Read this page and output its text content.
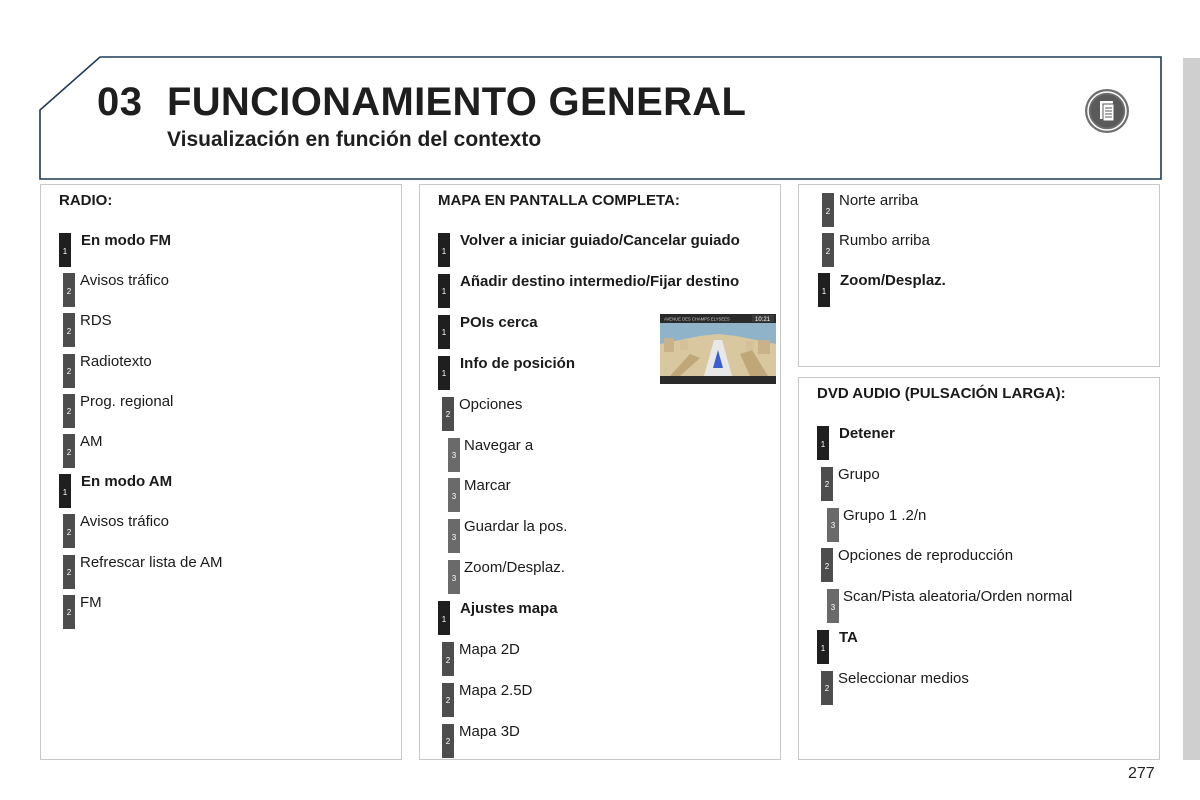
03 FUNCIONAMIENTO GENERAL
Visualización en función del contexto
RADIO:	MAPA EN PANTALLA COMPLETA:
DVD AUDIO (PULSACIÓN LARGA):
1
En modo FM
2
Avisos tráfico
2
RDS
2
Radiotexto
2
Prog. regional
2
AM
1
En modo AM
2
Avisos tráfico
2
Refrescar lista de AM
2
FM
1
Volver a iniciar guiado/Cancelar guiado
1
Añadir destino intermedio/Fijar destino
1
POIs cerca
1
Info de posición
2
Opciones
3
Navegar a
3
Marcar
3
Guardar la pos.
3
Zoom/Desplaz.
1
Ajustes mapa
2
Mapa 2D
2
Mapa 2.5D
2
Mapa 3D
2
Norte arriba
2
Rumbo arriba
1
Zoom/Desplaz.
1
Detener
2
Grupo
3
Grupo 1 .2/n
2
Opciones de reproducción
3
Scan/Pista aleatoria/Orden normal
1
TA
2
Seleccionar medios
AVENUE DES CHAMPS ELYSEES	10:21
277
